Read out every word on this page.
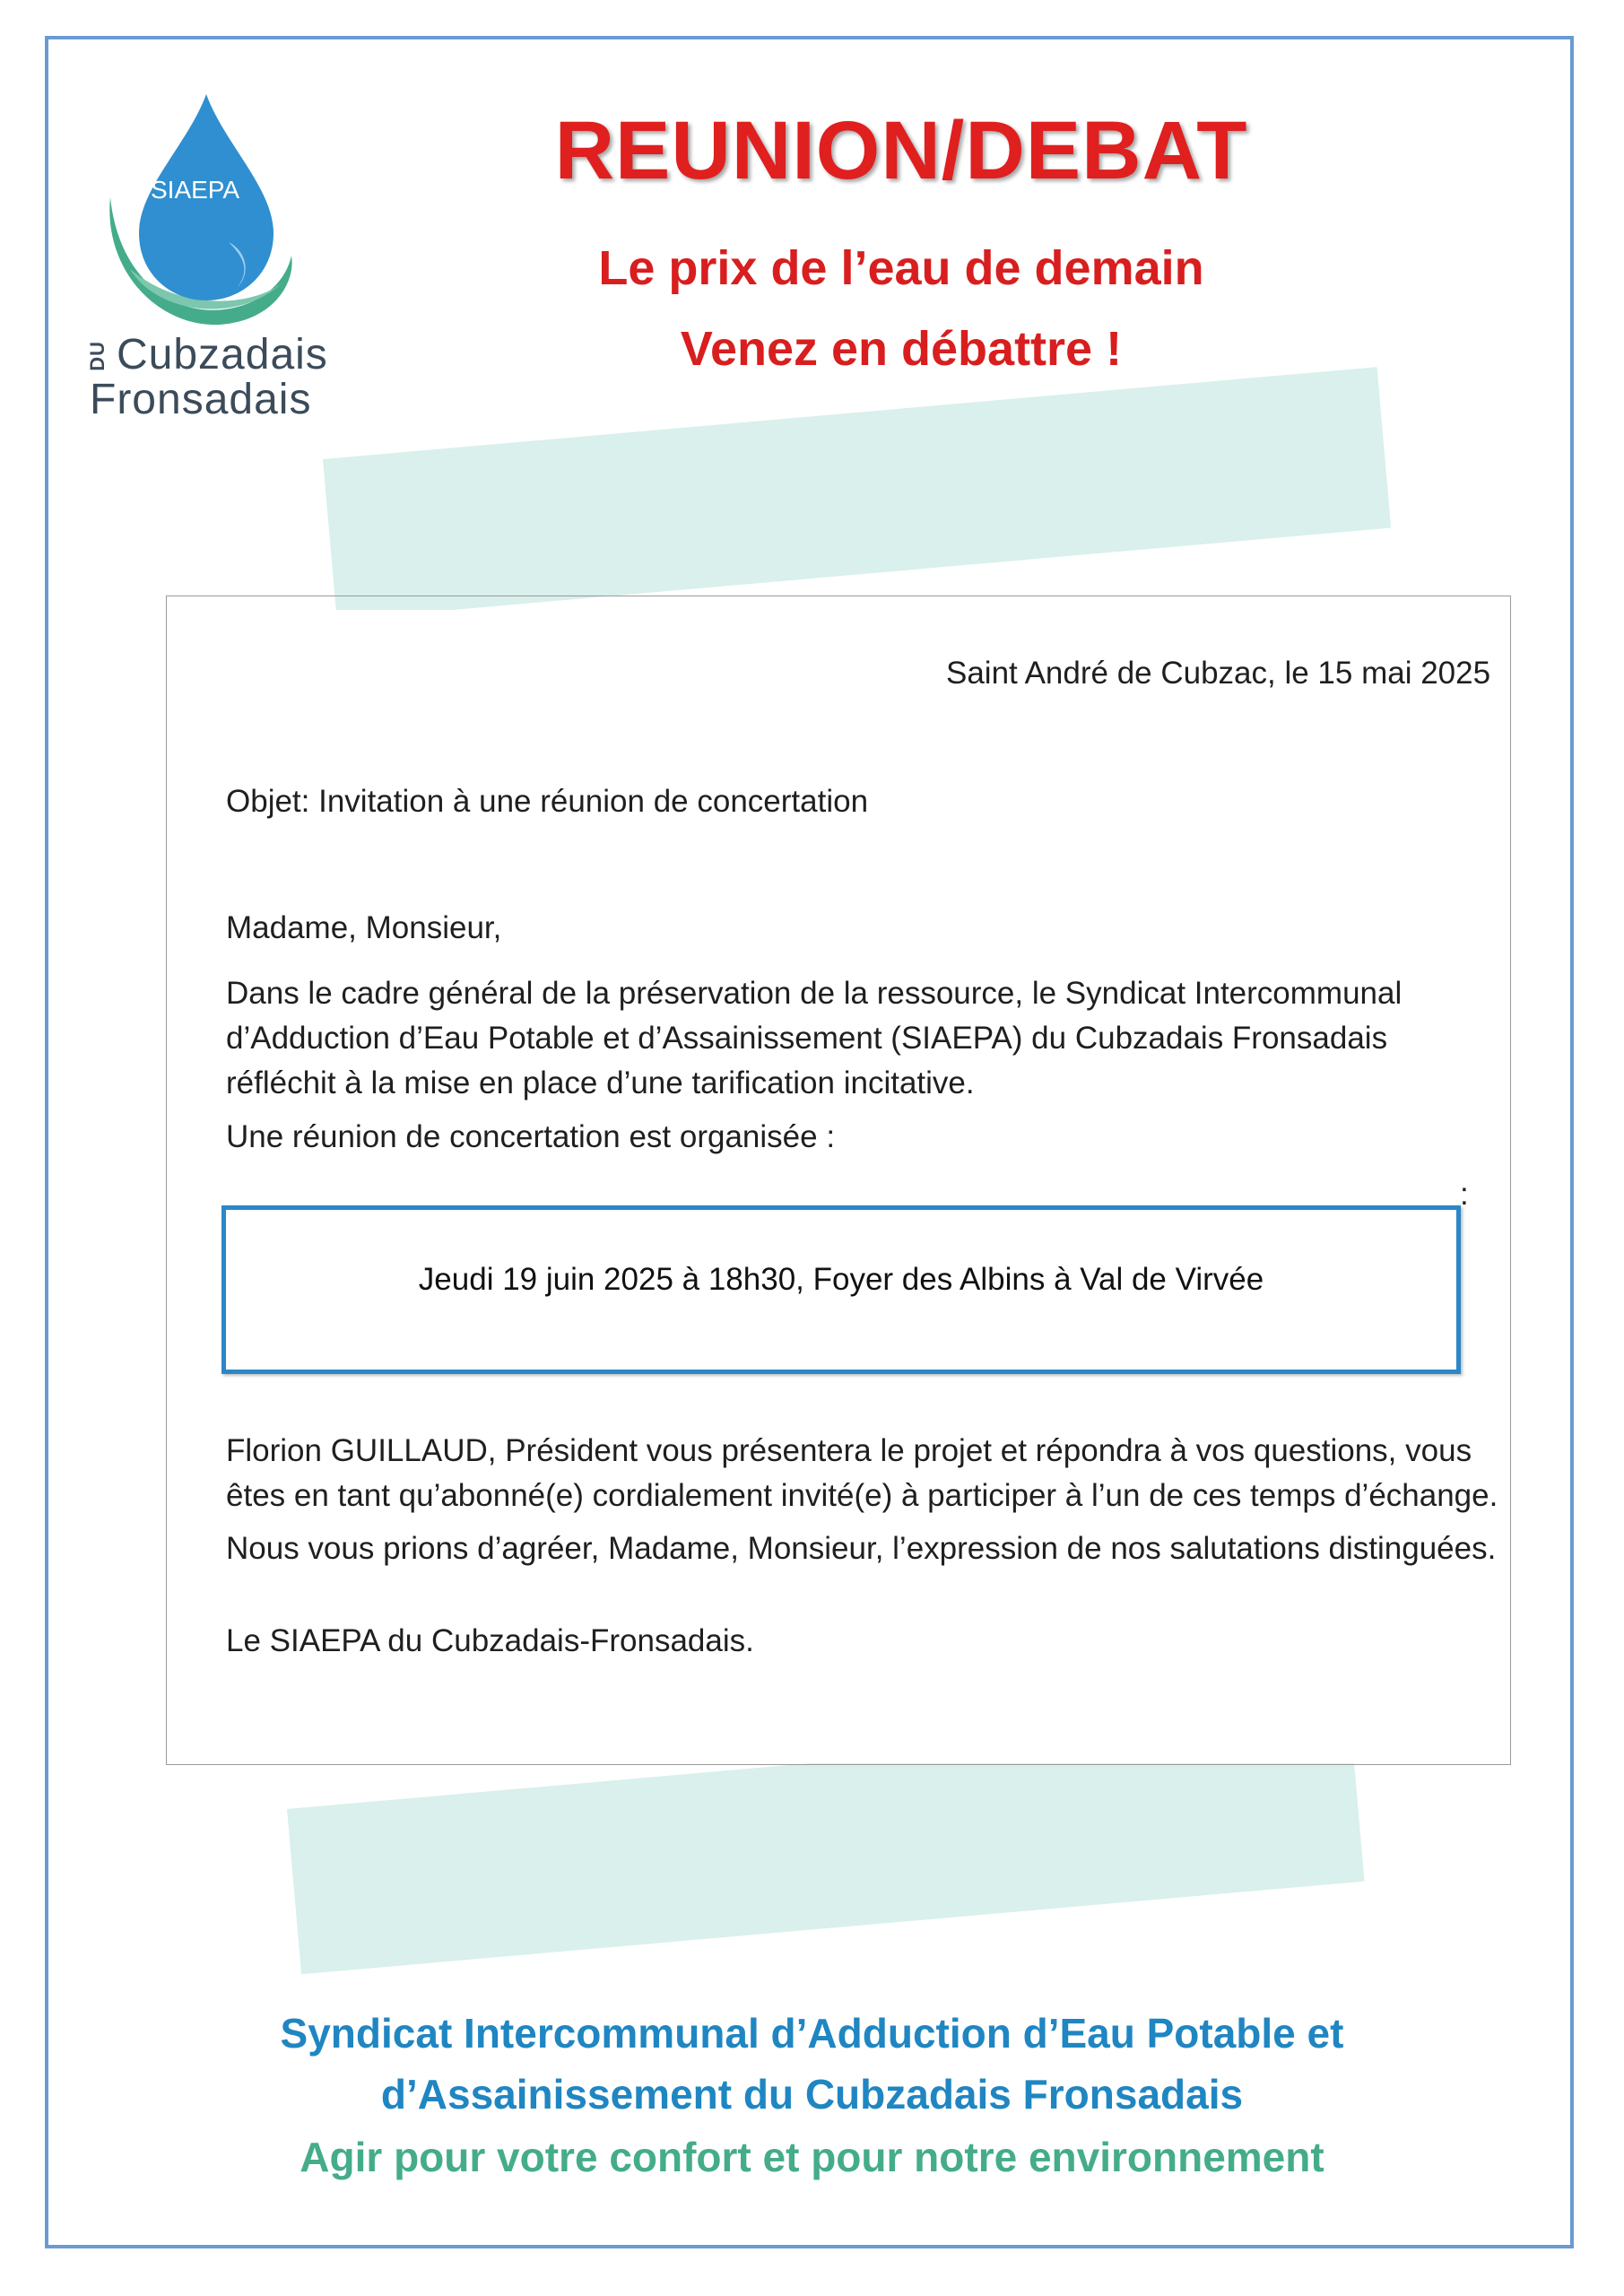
SIAEPA
DU Cubzadais
Fronsadais
REUNION/DEBAT
Le prix de l’eau de demain
Venez en débattre !
Saint André de Cubzac, le 15 mai 2025
Objet: Invitation à une réunion de concertation
Madame, Monsieur,
Dans le cadre général de la préservation de la ressource, le Syndicat Intercommunal d’Adduction d’Eau Potable et d’Assainissement (SIAEPA) du Cubzadais Fronsadais réfléchit à la mise en place d’une tarification incitative.
Une réunion de concertation est organisée :
:
Jeudi 19 juin 2025 à 18h30, Foyer des Albins à Val de Virvée
Florion GUILLAUD, Président vous présentera le projet et répondra à vos questions, vous êtes en tant qu’abonné(e) cordialement invité(e) à participer à l’un de ces temps d’échange.
Nous vous prions d’agréer, Madame, Monsieur, l’expression de nos salutations distinguées.
Le SIAEPA du Cubzadais-Fronsadais.
Syndicat Intercommunal d’Adduction d’Eau Potable et
d’Assainissement du Cubzadais Fronsadais
Agir pour votre confort et pour notre environnement
